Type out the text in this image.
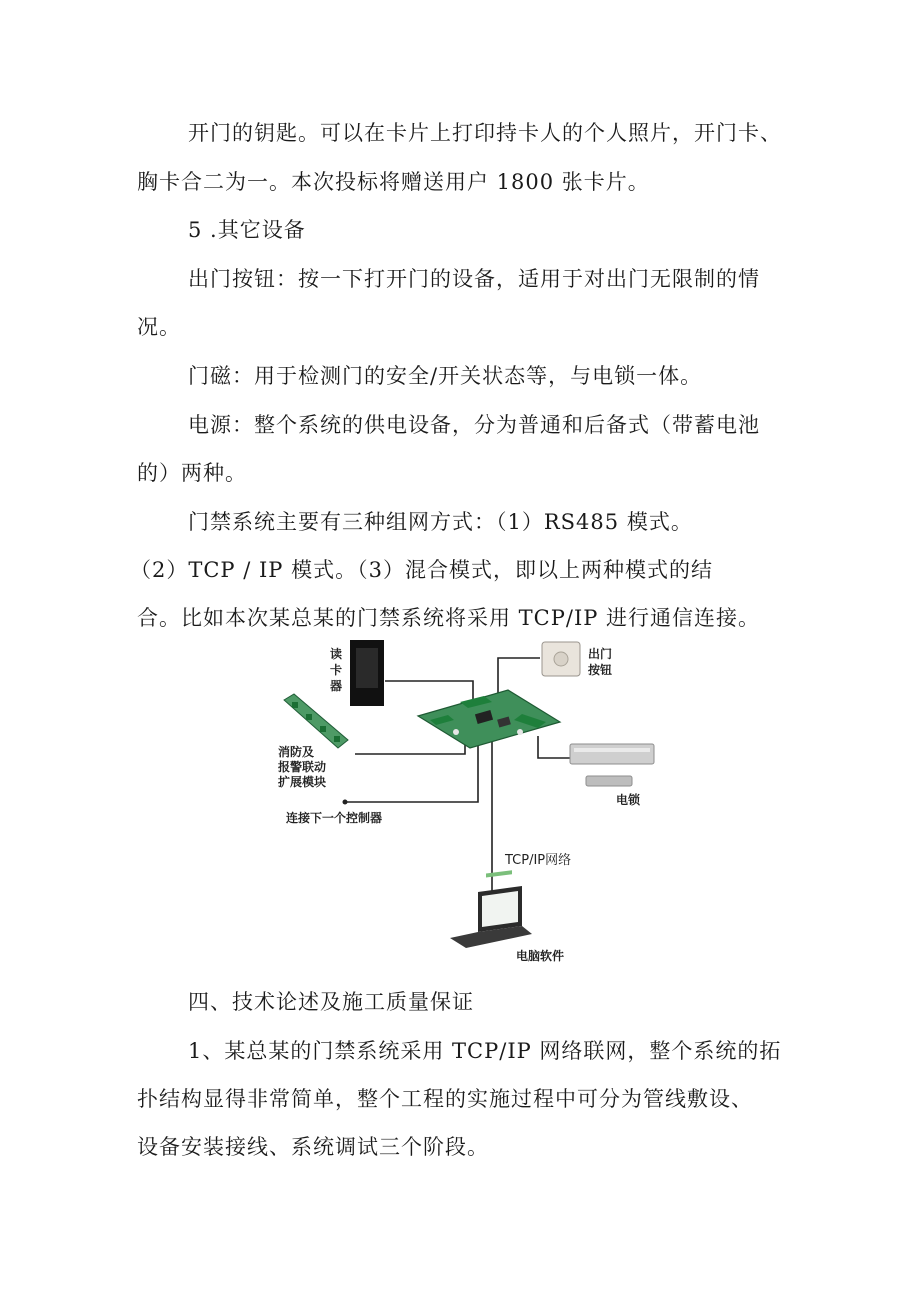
开门的钥匙。可以在卡片上打印持卡人的个人照片，开门卡、
胸卡合二为一。本次投标将赠送用户 1800 张卡片。
5 .其它设备
出门按钮：按一下打开门的设备，适用于对出门无限制的情
况。
门磁：用于检测门的安全/开关状态等，与电锁一体。
电源：整个系统的供电设备，分为普通和后备式（带蓄电池
的）两种。
门禁系统主要有三种组网方式：（1）RS485 模式。
（2）TCP / IP 模式。（3）混合模式，即以上两种模式的结
合。比如本次某总某的门禁系统将采用 TCP/IP 进行通信连接。
读
卡
器
出门
按钮
消防及
报警联动
扩展模块
连接下一个控制器
电锁
TCP/IP网络
电脑软件
四、技术论述及施工质量保证
1、某总某的门禁系统采用 TCP/IP 网络联网，整个系统的拓
扑结构显得非常简单，整个工程的实施过程中可分为管线敷设、
设备安装接线、系统调试三个阶段。
